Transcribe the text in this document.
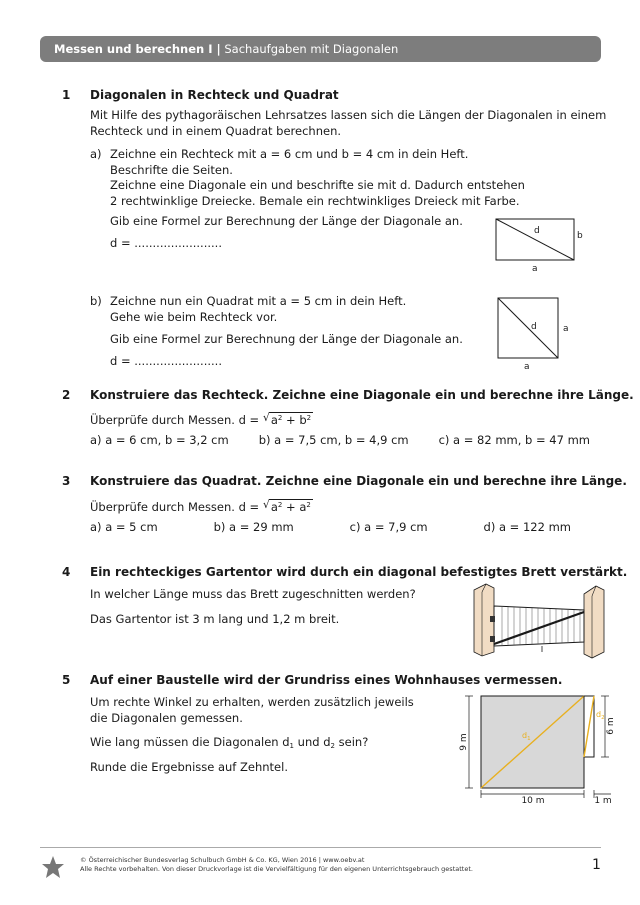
Messen und berechnen I | Sachaufgaben mit Diagonalen
1 Diagonalen in Rechteck und Quadrat
Mit Hilfe des pythagoräischen Lehrsatzes lassen sich die Längen der Diagonalen in einem
Rechteck und in einem Quadrat berechnen.
a) Zeichne ein Rechteck mit a = 6 cm und b = 4 cm in dein Heft.
Beschrifte die Seiten.
Zeichne eine Diagonale ein und beschrifte sie mit d. Dadurch entstehen
2 rechtwinklige Dreiecke. Bemale ein rechtwinkliges Dreieck mit Farbe.
Gib eine Formel zur Berechnung der Länge der Diagonale an.
d = ........................
d	b
a
b) Zeichne nun ein Quadrat mit a = 5 cm in dein Heft.
Gehe wie beim Rechteck vor.
Gib eine Formel zur Berechnung der Länge der Diagonale an.
d = ........................
d	a
a
2 Konstruiere das Rechteck. Zeichne eine Diagonale ein und berechne ihre Länge.
Überprüfe durch Messen. d = √ $a^2 + b^2$
a) a = 6 cm, b = 3,2 cm	b) a = 7,5 cm, b = 4,9 cm	c) a = 82 mm, b = 47 mm
3 Konstruiere das Quadrat. Zeichne eine Diagonale ein und berechne ihre Länge.
Überprüfe durch Messen. d = √ $a^2 + a^2$
a) a = 5 cm	b) a = 29 mm	c) a = 7,9 cm	d) a = 122 mm
4 Ein rechteckiges Gartentor wird durch ein diagonal befestigtes Brett verstärkt.
In welcher Länge muss das Brett zugeschnitten werden?
Das Gartentor ist 3 m lang und 1,2 m breit.
5 Auf einer Baustelle wird der Grundriss eines Wohnhauses vermessen.
Um rechte Winkel zu erhalten, werden zusätzlich jeweils
die Diagonalen gemessen.
Wie lang müssen die Diagonalen $d_1$ und $d_2$ sein?
Runde die Ergebnisse auf Zehntel.
$d_1$
$d_2$
9 m
6 m
10 m	1 m
© Österreichischer Bundesverlag Schulbuch GmbH & Co. KG, Wien 2016 | www.oebv.at
Alle Rechte vorbehalten. Von dieser Druckvorlage ist die Vervielfältigung für den eigenen Unterrichtsgebrauch gestattet.	1
